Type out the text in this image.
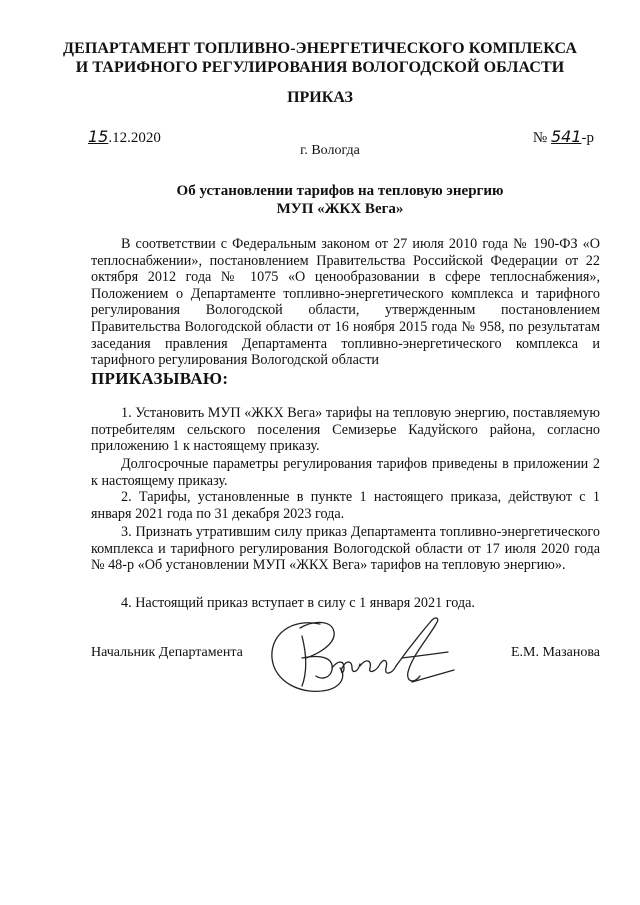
ДЕПАРТАМЕНТ ТОПЛИВНО-ЭНЕРГЕТИЧЕСКОГО КОМПЛЕКСА
И ТАРИФНОГО РЕГУЛИРОВАНИЯ ВОЛОГОДСКОЙ ОБЛАСТИ
ПРИКАЗ
15.12.2020	№ 541-р
г. Вологда
Об установлении тарифов на тепловую энергию
МУП «ЖКХ Вега»

В соответствии с Федеральным законом от 27 июля 2010 года № 190-ФЗ «О теплоснабжении», постановлением Правительства Российской Федерации от 22 октября 2012 года № 1075 «О ценообразовании в сфере теплоснабжения», Положением о Департаменте топливно-энергетического комплекса и тарифного регулирования Вологодской области, утвержденным постановлением Правительства Вологодской области от 16 ноября 2015 года № 958, по результатам заседания правления Департамента топливно-энергетического комплекса и тарифного регулирования Вологодской области

ПРИКАЗЫВАЮ:

1. Установить МУП «ЖКХ Вега» тарифы на тепловую энергию, поставляемую потребителям сельского поселения Семизерье Кадуйского района, согласно приложению 1 к настоящему приказу.

Долгосрочные параметры регулирования тарифов приведены в приложении 2 к настоящему приказу.

2. Тарифы, установленные в пункте 1 настоящего приказа, действуют с 1 января 2021 года по 31 декабря 2023 года.

3. Признать утратившим силу приказ Департамента топливно-энергетического комплекса и тарифного регулирования Вологодской области от 17 июля 2020 года № 48-р «Об установлении МУП «ЖКХ Вега» тарифов на тепловую энергию».

4. Настоящий приказ вступает в силу с 1 января 2021 года.

Начальник Департамента	Е.М. Мазанова
